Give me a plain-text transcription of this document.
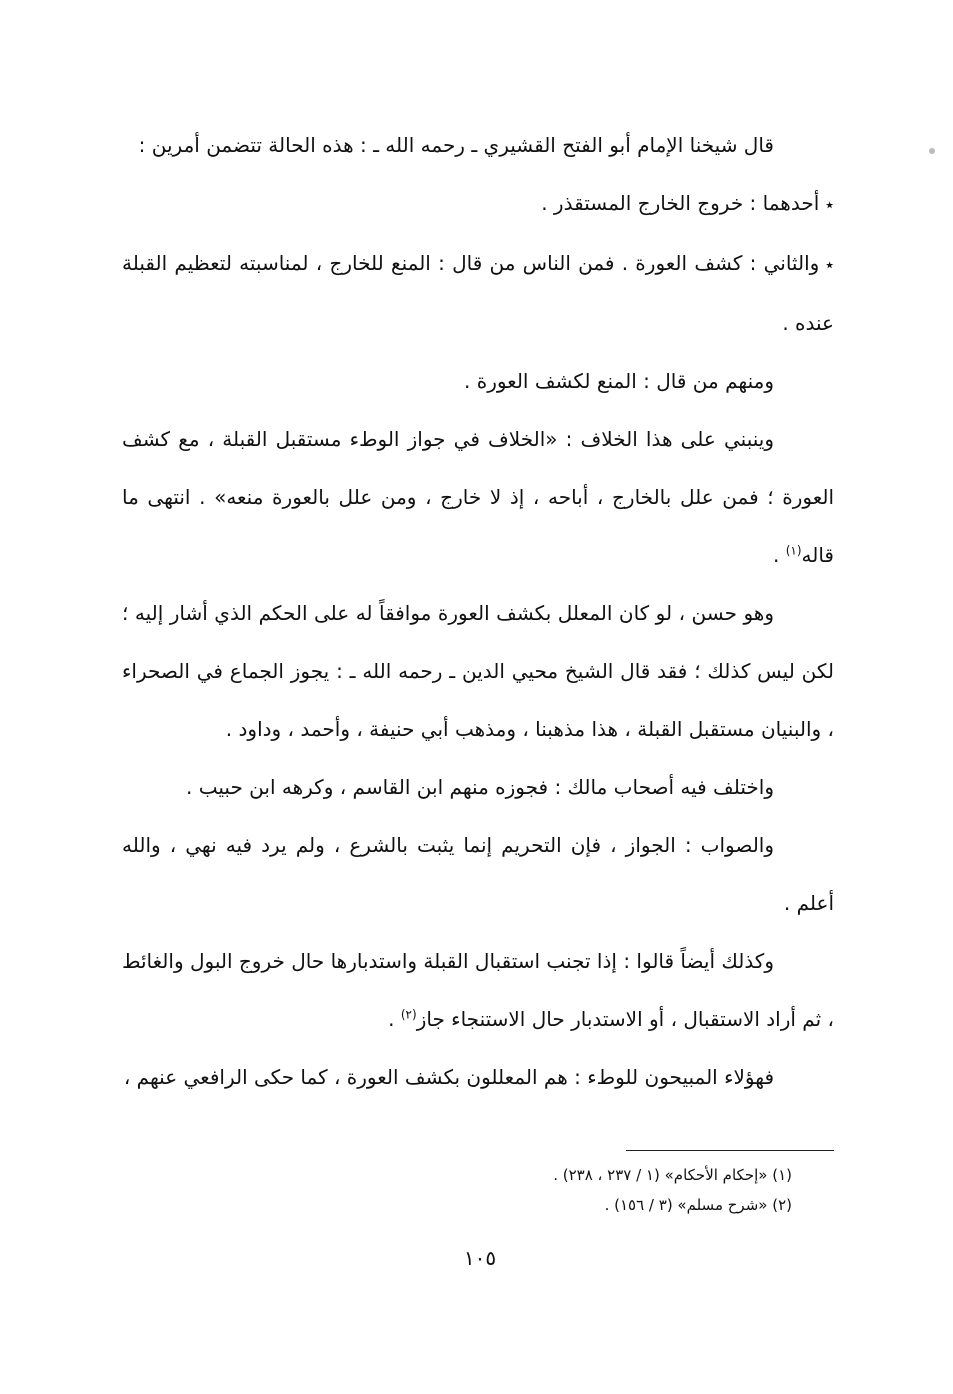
قال شيخنا الإمام أبو الفتح القشيري ـ رحمه الله ـ : هذه الحالة تتضمن أمرين :

٭أحدهما : خروج الخارج المستقذر .

٭والثاني : كشف العورة . فمن الناس من قال : المنع للخارج ، لمناسبته لتعظيم القبلة عنده .

ومنهم من قال : المنع لكشف العورة .

وينبني على هذا الخلاف : «الخلاف في جواز الوطء مستقبل القبلة ، مع كشف العورة ؛ فمن علل بالخارج ، أباحه ، إذ لا خارج ، ومن علل بالعورة منعه» . انتهى ما قاله$^{(١)}$ .

وهو حسن ، لو كان المعلل بكشف العورة موافقاً له على الحكم الذي أشار إليه ؛ لكن ليس كذلك ؛ فقد قال الشيخ محيي الدين ـ رحمه الله ـ : يجوز الجماع في الصحراء ، والبنيان مستقبل القبلة ، هذا مذهبنا ، ومذهب أبي حنيفة ، وأحمد ، وداود .

واختلف فيه أصحاب مالك : فجوزه منهم ابن القاسم ، وكرهه ابن حبيب .

والصواب : الجواز ، فإن التحريم إنما يثبت بالشرع ، ولم يرد فيه نهي ، والله أعلم .

وكذلك أيضاً قالوا : إذا تجنب استقبال القبلة واستدبارها حال خروج البول والغائط ، ثم أراد الاستقبال ، أو الاستدبار حال الاستنجاء جاز$^{(٢)}$ .

فهؤلاء المبيحون للوطء : هم المعللون بكشف العورة ، كما حكى الرافعي عنهم ،

(١) «إحكام الأحكام» (١ / ٢٣٧ ، ٢٣٨) .

(٢) «شرح مسلم» (٣ / ١٥٦) .

١٠٥
